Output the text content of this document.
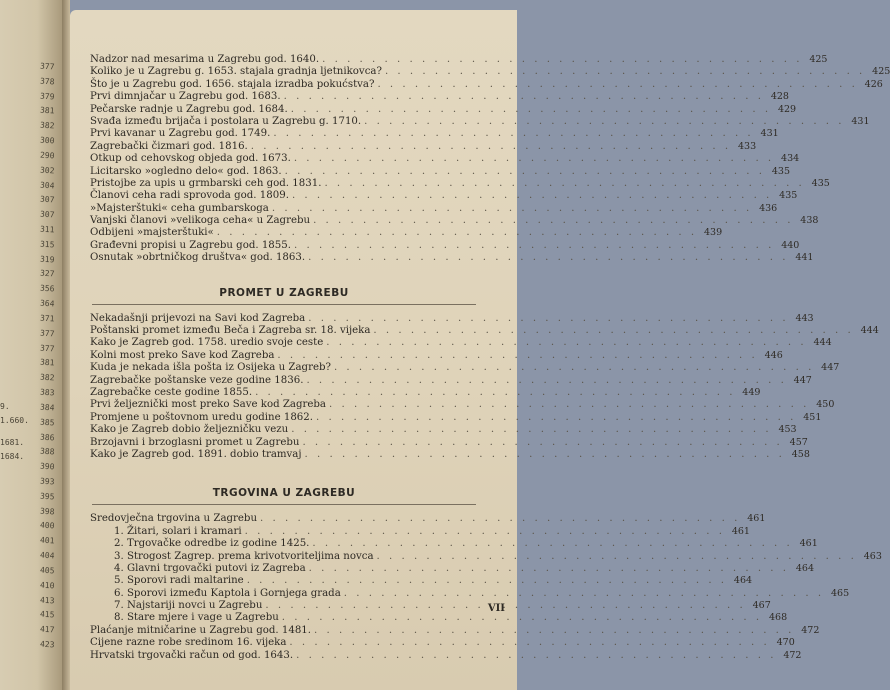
377
378
379
381
382
300
290
302
304
307
307
311
315
319
327
356
364
371
377
377
381
382
383
384
385
386
388
390
393
395
398
400
401
404
405
410
413
415
417
423
9.
1.660.
1681.
1684.
Nadzor nad mesarima u Zagrebu god. 1640. . . .	425
Koliko je u Zagrebu g. 1653. stajala gradnja ljetnikovca? . . .	425
Što je u Zagrebu god. 1656. stajala izradba pokućstva? . . .	426
Prvi dimnjačar u Zagrebu god. 1683. . . .	428
Pečarske radnje u Zagrebu god. 1684. . . .	429
Svađa između brijača i postolara u Zagrebu g. 1710. . . .	431
Prvi kavanar u Zagrebu god. 1749. . . .	431
Zagrebački čizmari god. 1816. . . .	433
Otkup od cehovskog objeda god. 1673. . . .	434
Licitarsko »ogledno delo« god. 1863. . . .	435
Pristojbe za upis u grmbarski ceh god. 1831. . . .	435
Članovi ceha radi sprovoda god. 1809. . . .	435
»Majsterštuki« ceha gumbarskoga . . .	436
Vanjski članovi »velikoga ceha« u Zagrebu . . .	438
Odbijeni »majsterštuki« . . .	439
Građevni propisi u Zagrebu god. 1855. . . .	440
Osnutak »obrtničkog društva« god. 1863. . . .	441
PROMET U ZAGREBU
Nekadašnji prijevozi na Savi kod Zagreba . . .	443
Poštanski promet između Beča i Zagreba sr. 18. vijeka . . .	444
Kako je Zagreb god. 1758. uredio svoje ceste . . .	444
Kolni most preko Save kod Zagreba . . .	446
Kuda je nekada išla pošta iz Osijeka u Zagreb? . . .	447
Zagrebačke poštanske veze godine 1836. . . .	447
Zagrebačke ceste godine 1855. . . .	449
Prvi željeznički most preko Save kod Zagreba . . .	450
Promjene u poštovnom uredu godine 1862. . . .	451
Kako je Zagreb dobio željezničku vezu . . .	453
Brzojavni i brzoglasni promet u Zagrebu . . .	457
Kako je Zagreb god. 1891. dobio tramvaj . . .	458
TRGOVINA U ZAGREBU
Sredovječna trgovina u Zagrebu . . .	461
1. Žitari, solari i kramari . . .	461
2. Trgovačke odredbe iz godine 1425. . . .	461
3. Strogost Zagrep. prema krivotvoriteljima novca . . .	463
4. Glavni trgovački putovi iz Zagreba . . .	464
5. Sporovi radi maltarine . . .	464
6. Sporovi između Kaptola i Gornjega grada . . .	465
7. Najstariji novci u Zagrebu . . .	467
8. Stare mjere i vage u Zagrebu . . .	468
Plaćanje mitničarine u Zagrebu god. 1481. . . .	472
Cijene razne robe sredinom 16. vijeka . . .	470
Hrvatski trgovački račun od god. 1643. . . .	472
VII
